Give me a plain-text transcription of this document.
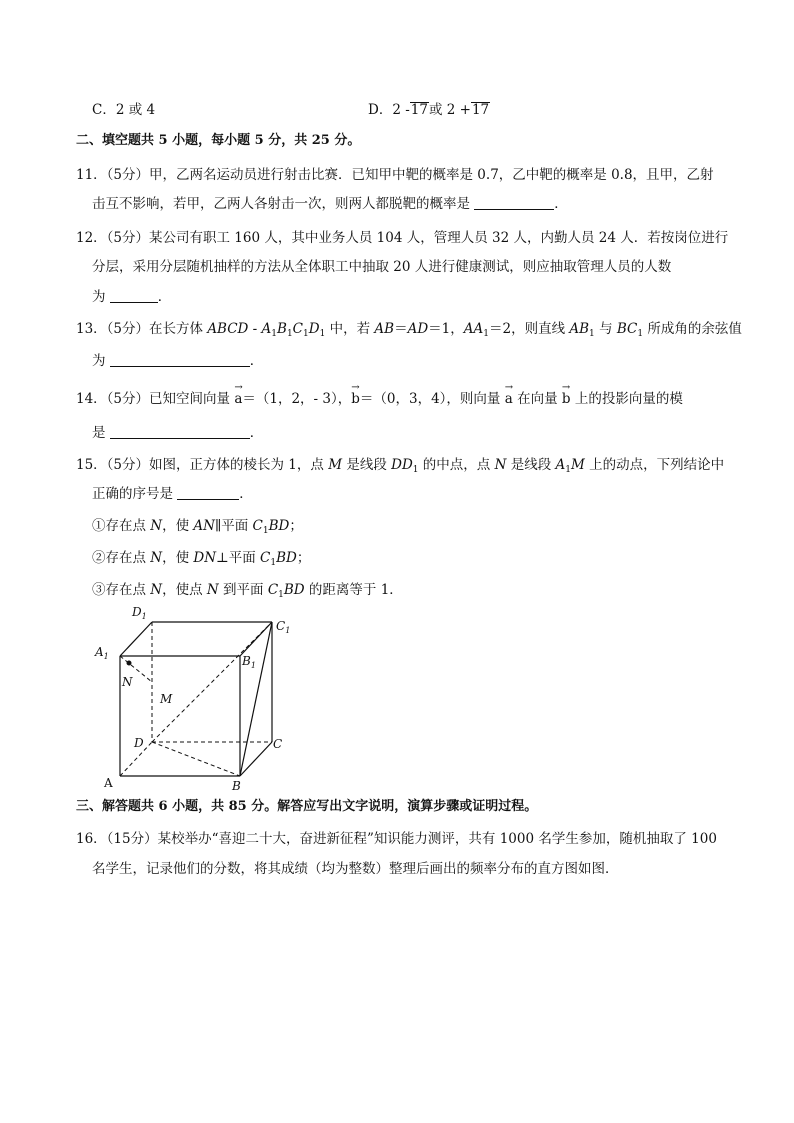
C．2 或 4	D．2 -17或 2 +17
二、填空题共 5 小题，每小题 5 分，共 25 分。
11．（5分）甲，乙两名运动员进行射击比赛．已知甲中靶的概率是 0.7，乙中靶的概率是 0.8，且甲，乙射
击互不影响，若甲，乙两人各射击一次，则两人都脱靶的概率是	．
12．（5分）某公司有职工 160 人，其中业务人员 104 人，管理人员 32 人，内勤人员 24 人．若按岗位进行
分层，采用分层随机抽样的方法从全体职工中抽取 20 人进行健康测试，则应抽取管理人员的人数
为	．
13．（5分）在长方体 ABCD - $A_1B_1C_1D_1$ 中，若 AB＝AD＝1，$AA_1=2$，则直线 $AB_1$ 与 $BC_1$ 所成角的余弦值
为	．
14．（5分）已知空间向量 → a＝（1，2，- 3），→ b＝（0，3，4），则向量 → a 在向量 → b 上的投影向量的模
是	．
15．（5分）如图，正方体的棱长为 1，点 M 是线段 $DD_1$ 的中点，点 N 是线段 $A_1M$ 上的动点，下列结论中
正确的序号是	．
①存在点 N，使 AN∥平面 $C_1BD$；
②存在点 N，使 DN⊥平面 $C_1BD$；
③存在点 N，使点 N 到平面 $C_1BD$ 的距离等于 1．
$D_1$
$C_1$
$A_1$	$B_1$
N
M
D	C
A	B
三、解答题共 6 小题，共 85 分。解答应写出文字说明，演算步骤或证明过程。
16．（15分）某校举办“喜迎二十大，奋进新征程”知识能力测评，共有 1000 名学生参加，随机抽取了 100
名学生，记录他们的分数，将其成绩（均为整数）整理后画出的频率分布的直方图如图．
